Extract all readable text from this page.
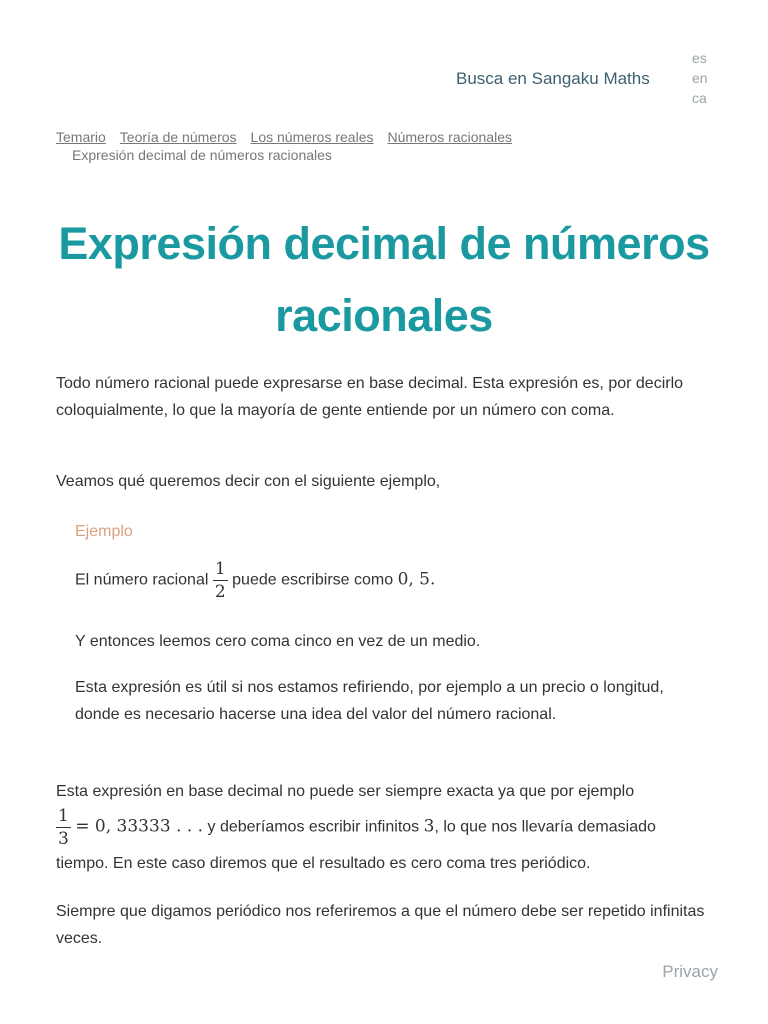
Busca en Sangaku Maths
es
en
ca
Temario Teoría de números Los números reales Números racionales
Expresión decimal de números racionales
Expresión decimal de números racionales

Todo número racional puede expresarse en base decimal. Esta expresión es, por decirlo coloquialmente, lo que la mayoría de gente entiende por un número con coma.

Veamos qué queremos decir con el siguiente ejemplo,

Ejemplo

El número racional $\frac{1}{2}$ puede escribirse como 0, 5.

Y entonces leemos cero coma cinco en vez de un medio.

Esta expresión es útil si nos estamos refiriendo, por ejemplo a un precio o longitud, donde es necesario hacerse una idea del valor del número racional.

Esta expresión en base decimal no puede ser siempre exacta ya que por ejemplo

$\frac{1}{3} = 0$, 33333 . . . y deberíamos escribir infinitos 3, lo que nos llevaría demasiado tiempo. En este caso diremos que el resultado es cero coma tres periódico.

Siempre que digamos periódico nos referiremos a que el número debe ser repetido infinitas veces.

Privacy
